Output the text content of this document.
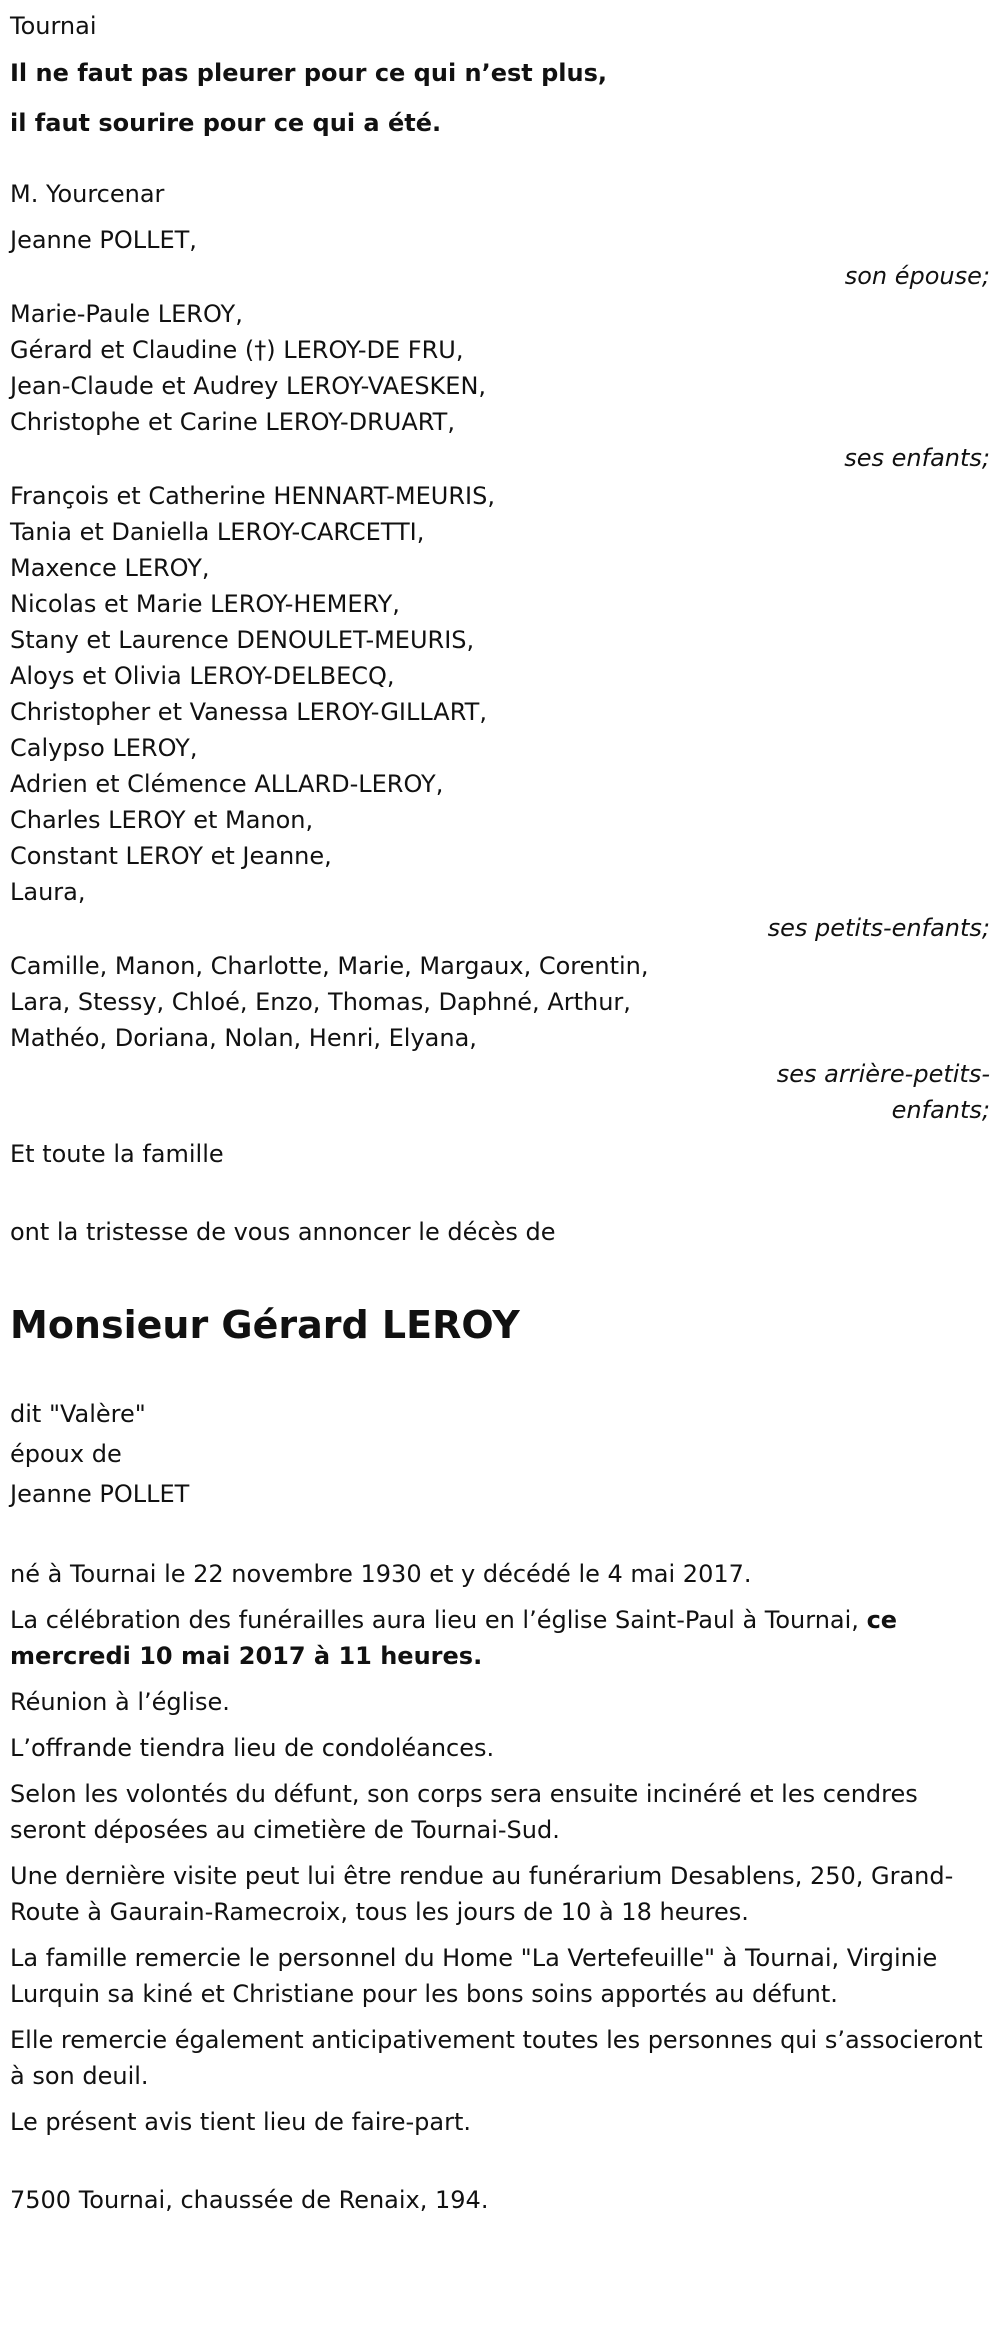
Tournai
Il ne faut pas pleurer pour ce qui n’est plus,
il faut sourire pour ce qui a été.
M. Yourcenar
Jeanne POLLET,
son épouse;
Marie-Paule LEROY,
Gérard et Claudine (†) LEROY-DE FRU,
Jean-Claude et Audrey LEROY-VAESKEN,
Christophe et Carine LEROY-DRUART,
ses enfants;
François et Catherine HENNART-MEURIS,
Tania et Daniella LEROY-CARCETTI,
Maxence LEROY,
Nicolas et Marie LEROY-HEMERY,
Stany et Laurence DENOULET-MEURIS,
Aloys et Olivia LEROY-DELBECQ,
Christopher et Vanessa LEROY-GILLART,
Calypso LEROY,
Adrien et Clémence ALLARD-LEROY,
Charles LEROY et Manon,
Constant LEROY et Jeanne,
Laura,
ses petits-enfants;
Camille, Manon, Charlotte, Marie, Margaux, Corentin,
Lara, Stessy, Chloé, Enzo, Thomas, Daphné, Arthur,
Mathéo, Doriana, Nolan, Henri, Elyana,
ses arrière-petits-enfants;
Et toute la famille
ont la tristesse de vous annoncer le décès de
Monsieur Gérard LEROY
dit "Valère"
époux de
Jeanne POLLET
né à Tournai le 22 novembre 1930 et y décédé le 4 mai 2017.
La célébration des funérailles aura lieu en l’église Saint-Paul à Tournai, ce mercredi 10 mai 2017 à 11 heures.
Réunion à l’église.
L’offrande tiendra lieu de condoléances.
Selon les volontés du défunt, son corps sera ensuite incinéré et les cendres seront déposées au cimetière de Tournai-Sud.
Une dernière visite peut lui être rendue au funérarium Desablens, 250, Grand-Route à Gaurain-Ramecroix, tous les jours de 10 à 18 heures.
La famille remercie le personnel du Home "La Vertefeuille" à Tournai, Virginie Lurquin sa kiné et Christiane pour les bons soins apportés au défunt.
Elle remercie également anticipativement toutes les personnes qui s’associeront à son deuil.
Le présent avis tient lieu de faire-part.
7500 Tournai, chaussée de Renaix, 194.
